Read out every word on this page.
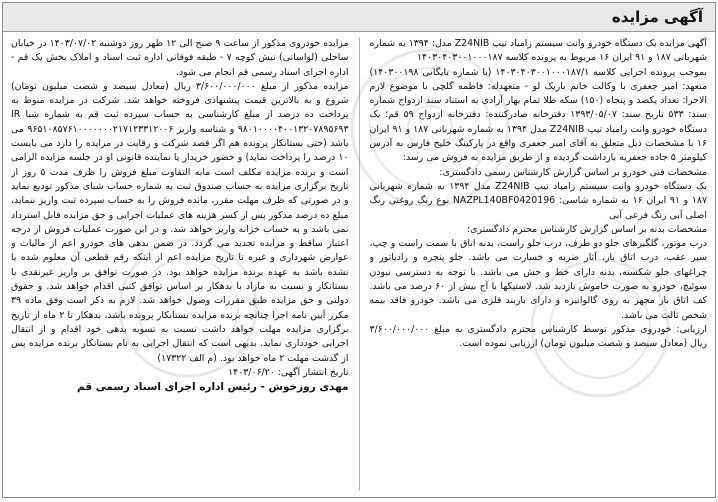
آگهی مزایده

آگهی مزایده یک دستگاه خودرو وانت سیستم زامیاد تیپ Z24NIB مدل: ۱۳۹۴ به شماره شهربانی ۱۸۷ و ۹۱ ایران ۱۶ مربوط به پرونده کلاسه ۱۴۰۳۰۴۰۳۰۰۱۰۰۰۱۸۷

بموجب پرونده اجرایی کلاسه ۱۴۰۳۰۴۰۳۰۰۱۰۰۰۱۸۷/۱ (با شماره بایگانی ۱۴۰۳۰۰۱۹۸) متعهد: امیر جعفری با وکالت خانم باریک لو - متعهدله: فاطمه گلچی با موضوع لازم الاجرا: تعداد یکصد و پنجاه (۱۵۰) سکه طلا تمام بهار آزادی به استناد سند ازدواج شماره سند: ۵۳۳ تاریخ سند: ۱۳۹۳/۰۵/۰۷ دفترخانه صادرکننده: دفترخانه ازدواج ۵۹ قم؛ یک دستگاه خودرو وانت زامیاد تیپ Z24NIB مدل ۱۳۹۴ به شماره شهربانی ۱۸۷ و ۹۱ ایران ۱۶ با مشخصات ذیل متعلق به آقای امیر جعفری واقع در پارکینگ خلیج فارس به آدرس کیلومتر ۵ جاده جعفریه بازداشت گردیده و از طریق مزایده به فروش می رسد:

مشخصات فنی خودرو بر اساس گزارش کارشناس رسمی دادگستری:

یک دستگاه خودرو وانت سیستم زامیاد تیپ Z24NIB مدل ۱۳۹۴ به شماره شهربانی ۱۸۷ و ۹۱ ایران ۱۶ به شماره شاسی: NAZPL140BF0420196 نوع رنگ روغنی رنگ اصلی آبی رنگ فرعی آبی

مشخصات بدنه بر اساس گزارش کارشناس محترم دادگستری:

درب موتور، گلگیرهای جلو دو طرف، درب جلو راست، بدنه اتاق با سمت راست و چپ، سپر عقب، درب اتاق بار، آثار ضربه و خسارت می باشد. جلو پنجره و رادیاتور و چراغهای جلو شکسته، بدنه دارای خط و خش می باشد. با توجه به دسترسی نبودن سوئیچ، خودرو به صورت خاموش بازدید شد. لاستیکها با آج بیش از ۶۰ درصد می باشد. کف اتاق بار مجهز به روی گالوانیزه و دارای باربند فلزی می باشد. خودرو فاقد بیمه شخص ثالث می باشد.

ارزیابی: خودروی مذکور توسط کارشناس محترم دادگستری به مبلغ ۳/۶۰۰/۰۰۰/۰۰۰ ریال (معادل سیصد و شصت میلیون تومان) ارزیابی نموده است.

مزایده خودروی مذکور از ساعت ۹ صبح الی ۱۲ ظهر روز دوشنبه ۱۴۰۳/۰۷/۰۲ در خیابان ساحلی (لواسانی) نبش کوچه ۷ - طبقه فوقانی اداره ثبت اسناد و املاک بخش یک قم - اداره اجرای اسناد رسمی قم انجام می شود.

مزایده مذکور از مبلغ ۳/۶۰۰/۰۰۰/۰۰۰ ریال (معادل سیصد و شصت میلیون تومان) شروع و به بالاترین قیمت پیشنهادی فروخته خواهد شد. شرکت در مزایده منوط به پرداخت ده درصد از مبلغ کارشناسی به حساب سپرده ثبت قم به شماره شبا IR ۹۸۰۱۰۰۰۰۴۰۰۱۳۲۰۷۸۹۵۶۹۳ و شناسه واریز ۹۶۵۱۰۸۵۷۶۱۰۰۰۰۰۰۰۲۱۷۱۲۳۳۱۲۰۰۶ می باشد (حتی بستانکار پرونده هم اگر قصد شرکت و رقابت در مزایده را دارد می بایست ۱۰ درصد را پرداخت نماید) و حضور خریدار یا نماینده قانونی او در جلسه مزایده الزامی است و برنده مزایده مکلف است مابه التفاوت مبلغ فروش را ظرف مدت ۵ روز از تاریخ برگزاری مزایده به حساب صندوق ثبت به شماره حساب شبای مذکور تودیع نماید و در صورتی که ظرف مهلت مقرر، مانده فروش را به حساب سپرده ثبت واریز ننماید، مبلغ ده درصد مذکور پس از کسر هزینه های عملیات اجرایی و حق مزایده قابل استرداد نمی باشد و به حساب خزانه واریز خواهد شد. و در این صورت عملیات فروش از درجه اعتبار ساقط و مزایده تجدید می گردد. در ضمن بدهی های خودرو اعم از مالیات و عوارض شهرداری و غیره تا تاریخ مزایده اعم از اینکه رقم قطعی آن معلوم شده یا نشده باشد به عهده برنده مزایده خواهد بود. در صورت توافق بر واریز غیرنقدی با بستانکار و نسبت به مازاد با بدهکار بر اساس توافق کتبی اقدام خواهد شد. و حقوق دولتی و حق مزایده طبق مقررات وصول خواهد شد. لازم به ذکر است وفق ماده ۳۹ مکرر آیین نامه اجرا چنانچه برنده مزایده بستانکار پرونده باشد، بدهکار تا ۲ ماه از تاریخ برگزاری مزایده مهلت خواهد داشت نسبت به تسویه بدهی خود اقدام و از انتقال اجرایی خودداری نماید. بدیهی است که انتقال اجرایی به نام بستانکار برنده مزایده پس از گذشت مهلت ۲ ماه خواهد بود. (م الف ۱۷۳۲۲)

تاریخ انتشار آگهی: ۱۴۰۳/۰۶/۲۰

مهدی روزخوش - رئیس اداره اجرای اسناد رسمی قم
